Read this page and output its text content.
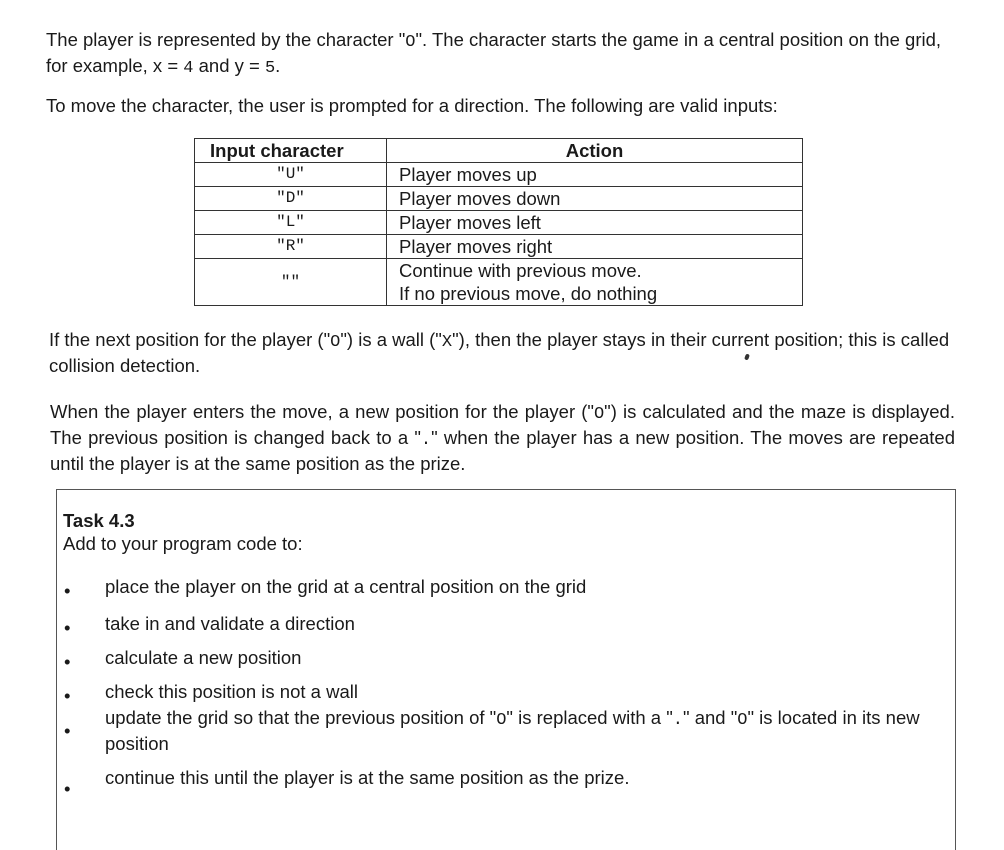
The player is represented by the character "O". The character starts the game in a central position on the grid, for example, x = 4 and y = 5.

To move the character, the user is prompted for a direction. The following are valid inputs:

Input character	Action
"U"	Player moves up

"D"	Player moves down

"L"	Player moves left

"R"	Player moves right

""	Continue with previous move.
If no previous move, do nothing

If the next position for the player ("O") is a wall ("X"), then the player stays in their current position; this is called collision detection.

When the player enters the move, a new position for the player ("O") is calculated and the maze is displayed. The previous position is changed back to a "." when the player has a new position. The moves are repeated until the player is at the same position as the prize.

Task 4.3
Add to your program code to:
• place the player on the grid at a central position on the grid
• take in and validate a direction
• calculate a new position
• check this position is not a wall
•
update the grid so that the previous position of "O" is replaced with a "." and "O" is located in its new position
•
continue this until the player is at the same position as the prize.
